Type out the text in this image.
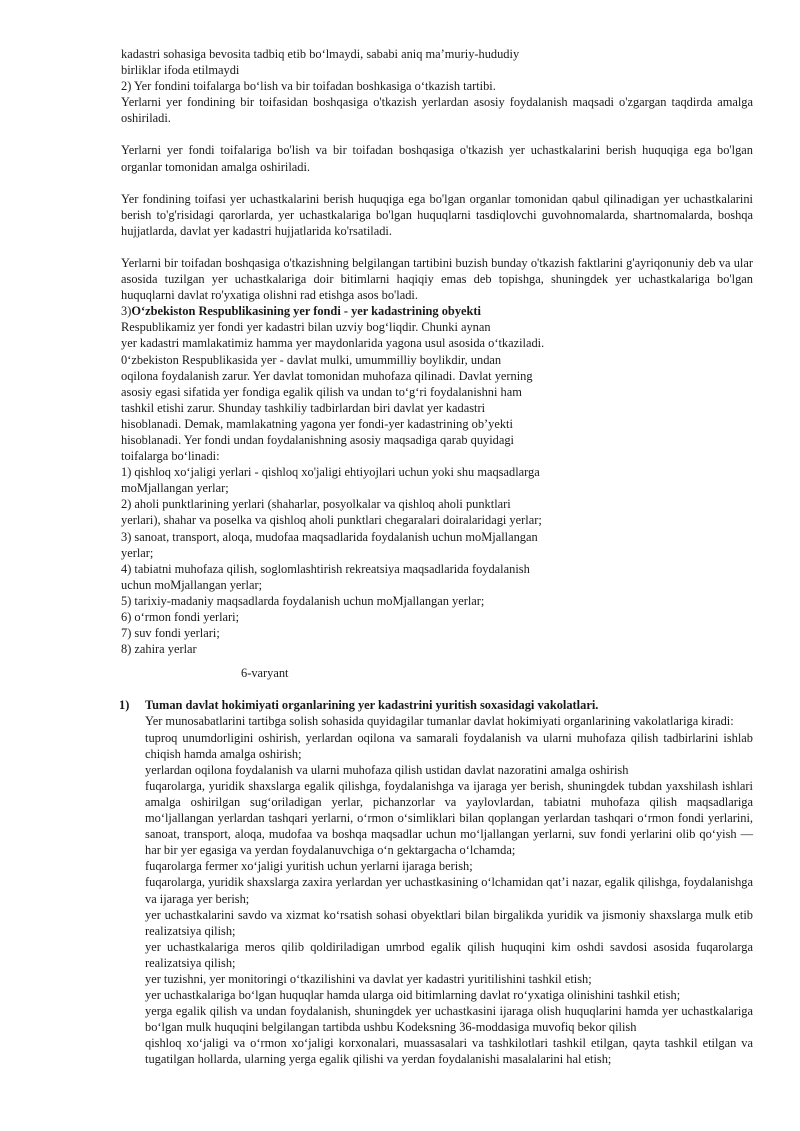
kadastri sohasiga bevosita tadbiq etib boʻlmaydi, sababi aniq maʼmuriy-hududiy

birliklar ifoda etilmaydi

2) Yer fondini toifalarga boʻlish va bir toifadan boshkasiga oʻtkazish tartibi.

Yerlarni yer fondining bir toifasidan boshqasiga o'tkazish yerlardan asosiy foydalanish maqsadi o'zgargan taqdirda amalga oshiriladi.

Yerlarni yer fondi toifalariga bo'lish va bir toifadan boshqasiga o'tkazish yer uchastkalarini berish huquqiga ega bo'lgan organlar tomonidan amalga oshiriladi.

Yer fondining toifasi yer uchastkalarini berish huquqiga ega bo'lgan organlar tomonidan qabul qilinadigan yer uchastkalarini berish to'g'risidagi qarorlarda, yer uchastkalariga bo'lgan huquqlarni tasdiqlovchi guvohnomalarda, shartnomalarda, boshqa hujjatlarda, davlat yer kadastri hujjatlarida ko'rsatiladi.

Yerlarni bir toifadan boshqasiga o'tkazishning belgilangan tartibini buzish bunday o'tkazish faktlarini g'ayriqonuniy deb va ular asosida tuzilgan yer uchastkalariga doir bitimlarni haqiqiy emas deb topishga, shuningdek yer uchastkalariga bo'lgan huquqlarni davlat ro'yxatiga olishni rad etishga asos bo'ladi.

3)Oʻzbekiston Respublikasining yer fondi - yer kadastrining obyekti

Respublikamiz yer fondi yer kadastri bilan uzviy bogʻliqdir. Chunki aynan

yer kadastri mamlakatimiz hamma yer maydonlarida yagona usul asosida oʻtkaziladi.

0ʻzbekiston Respublikasida yer - davlat mulki, umummilliy boylikdir, undan

oqilona foydalanish zarur. Yer davlat tomonidan muhofaza qilinadi. Davlat yerning

asosiy egasi sifatida yer fondiga egalik qilish va undan toʻgʻri foydalanishni ham

tashkil etishi zarur. Shunday tashkiliy tadbirlardan biri davlat yer kadastri

hisoblanadi. Demak, mamlakatning yagona yer fondi-yer kadastrining obʼyekti

hisoblanadi. Yer fondi undan foydalanishning asosiy maqsadiga qarab quyidagi

toifalarga boʻlinadi:

1) qishloq xoʻjaligi yerlari - qishloq xo'jaligi ehtiyojlari uchun yoki shu maqsadlarga

moMjallangan yerlar;

2) aholi punktlarining yerlari (shaharlar, posyolkalar va qishloq aholi punktlari

yerlari), shahar va poselka va qishloq aholi punktlari chegaralari doiralaridagi yerlar;

3) sanoat, transport, aloqa, mudofaa maqsadlarida foydalanish uchun moMjallangan

yerlar;

4) tabiatni muhofaza qilish, soglomlashtirish rekreatsiya maqsadlarida foydalanish

uchun moMjallangan yerlar;

5) tarixiy-madaniy maqsadlarda foydalanish uchun moMjallangan yerlar;

6) oʻrmon fondi yerlari;

7) suv fondi yerlari;

8) zahira yerlar

6-varyant

1)	Tuman davlat hokimiyati organlarining yer kadastrini yuritish soxasidagi vakolatlari.

Yer munosabatlarini tartibga solish sohasida quyidagilar tumanlar davlat hokimiyati organlarining vakolatlariga kiradi:

tuproq unumdorligini oshirish, yerlardan oqilona va samarali foydalanish va ularni muhofaza qilish tadbirlarini ishlab chiqish hamda amalga oshirish;

yerlardan oqilona foydalanish va ularni muhofaza qilish ustidan davlat nazoratini amalga oshirish

fuqarolarga, yuridik shaxslarga egalik qilishga, foydalanishga va ijaraga yer berish, shuningdek tubdan yaxshilash ishlari amalga oshirilgan sugʻoriladigan yerlar, pichanzorlar va yaylovlardan, tabiatni muhofaza qilish maqsadlariga moʻljallangan yerlardan tashqari yerlarni, oʻrmon oʻsimliklari bilan qoplangan yerlardan tashqari oʻrmon fondi yerlarini, sanoat, transport, aloqa, mudofaa va boshqa maqsadlar uchun moʻljallangan yerlarni, suv fondi yerlarini olib qoʻyish — har bir yer egasiga va yerdan foydalanuvchiga oʻn gektargacha oʻlchamda;

fuqarolarga fermer xoʻjaligi yuritish uchun yerlarni ijaraga berish;

fuqarolarga, yuridik shaxslarga zaxira yerlardan yer uchastkasining oʻlchamidan qatʼi nazar, egalik qilishga, foydalanishga va ijaraga yer berish;

yer uchastkalarini savdo va xizmat koʻrsatish sohasi obyektlari bilan birgalikda yuridik va jismoniy shaxslarga mulk etib realizatsiya qilish;

yer uchastkalariga meros qilib qoldiriladigan umrbod egalik qilish huquqini kim oshdi savdosi asosida fuqarolarga realizatsiya qilish;

yer tuzishni, yer monitoringi oʻtkazilishini va davlat yer kadastri yuritilishini tashkil etish;

yer uchastkalariga boʻlgan huquqlar hamda ularga oid bitimlarning davlat roʻyxatiga olinishini tashkil etish;

yerga egalik qilish va undan foydalanish, shuningdek yer uchastkasini ijaraga olish huquqlarini hamda yer uchastkalariga boʻlgan mulk huquqini belgilangan tartibda ushbu Kodeksning 36-moddasiga muvofiq bekor qilish

qishloq xoʻjaligi va oʻrmon xoʻjaligi korxonalari, muassasalari va tashkilotlari tashkil etilgan, qayta tashkil etilgan va tugatilgan hollarda, ularning yerga egalik qilishi va yerdan foydalanishi masalalarini hal etish;
